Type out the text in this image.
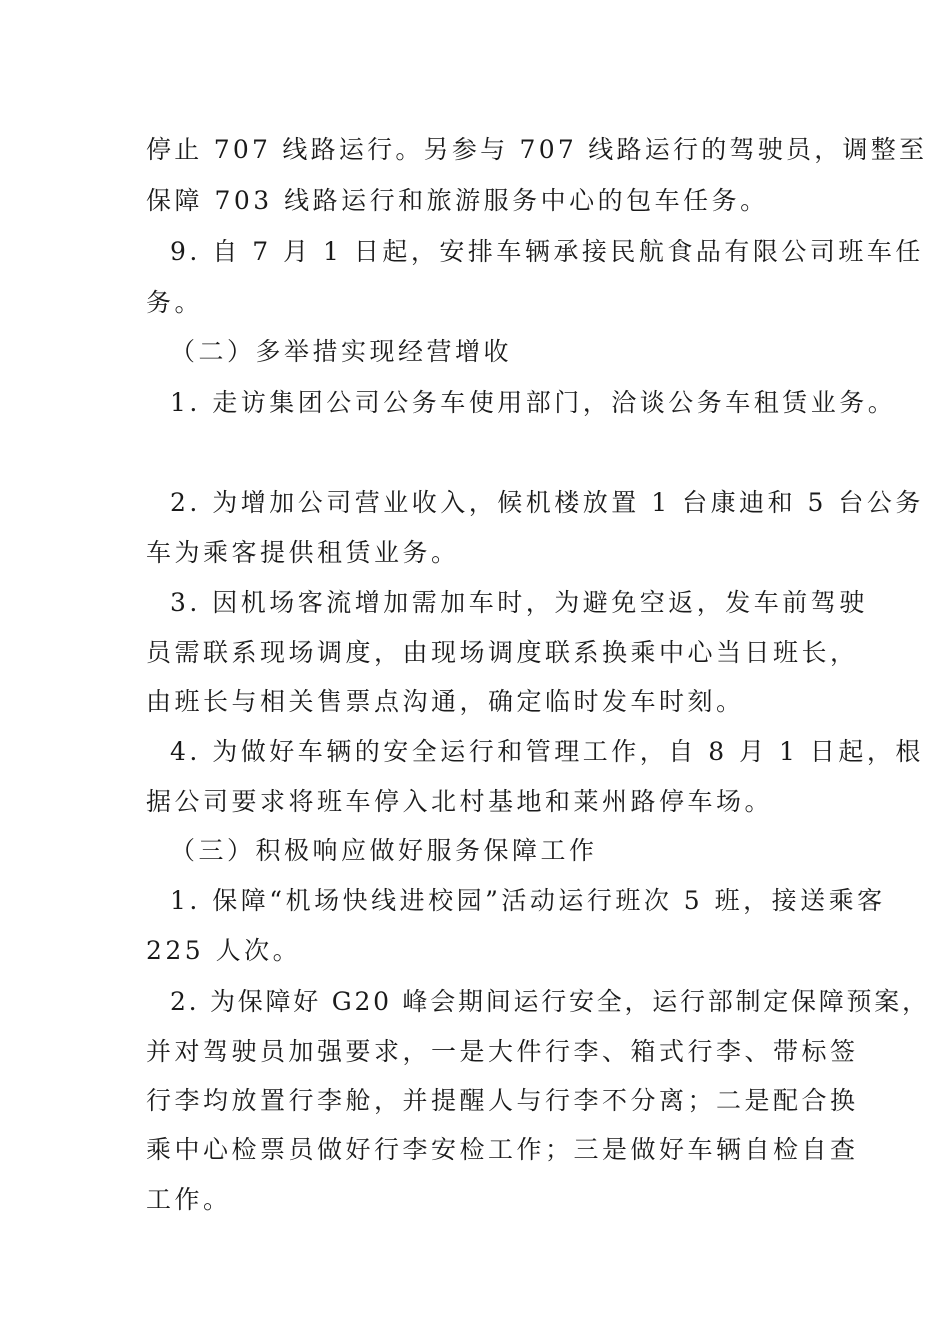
停止 707 线路运行。另参与 707 线路运行的驾驶员，调整至
保障 703 线路运行和旅游服务中心的包车任务。
9. 自 7 月 1 日起，安排车辆承接民航食品有限公司班车任
务。
（二）多举措实现经营增收
1. 走访集团公司公务车使用部门，洽谈公务车租赁业务。
2. 为增加公司营业收入，候机楼放置 1 台康迪和 5 台公务
车为乘客提供租赁业务。
3. 因机场客流增加需加车时，为避免空返，发车前驾驶
员需联系现场调度，由现场调度联系换乘中心当日班长，
由班长与相关售票点沟通，确定临时发车时刻。
4. 为做好车辆的安全运行和管理工作，自 8 月 1 日起，根
据公司要求将班车停入北村基地和莱州路停车场。
（三）积极响应做好服务保障工作
1. 保障“机场快线进校园”活动运行班次 5 班，接送乘客
225 人次。
2. 为保障好 G20 峰会期间运行安全，运行部制定保障预案，
并对驾驶员加强要求，一是大件行李、箱式行李、带标签
行李均放置行李舱，并提醒人与行李不分离；二是配合换
乘中心检票员做好行李安检工作；三是做好车辆自检自查
工作。
